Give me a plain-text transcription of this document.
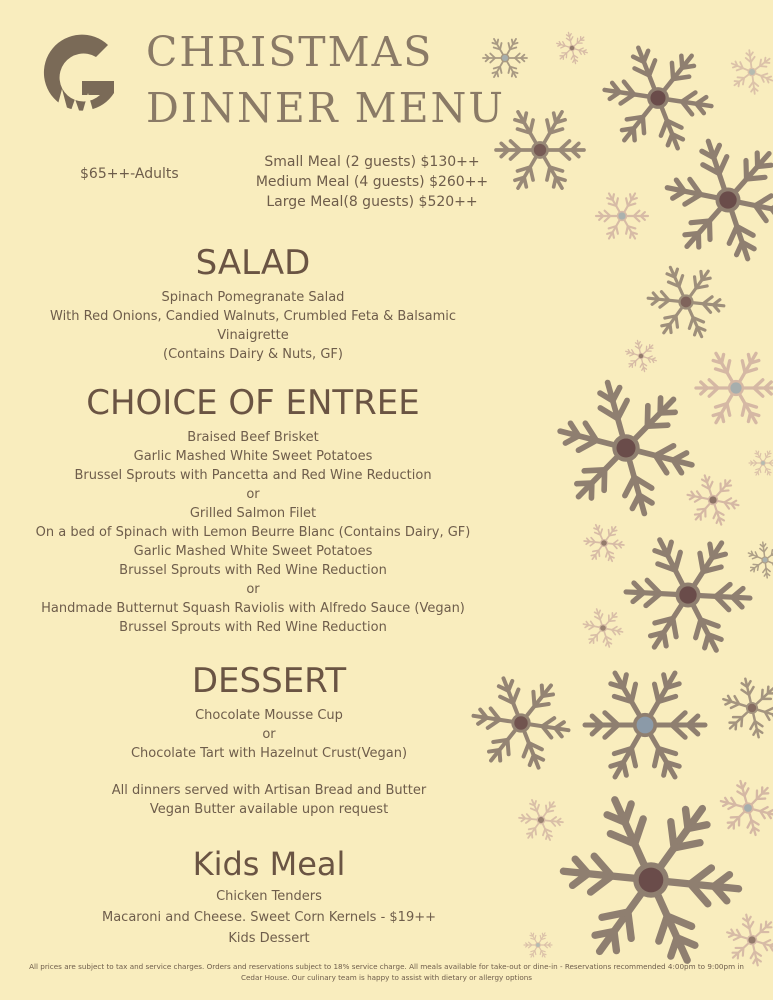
CHRISTMAS
DINNER MENU
$65++-Adults
Small Meal (2 guests) $130++
Medium Meal (4 guests) $260++
Large Meal(8 guests) $520++
SALAD
Spinach Pomegranate Salad
With Red Onions, Candied Walnuts, Crumbled Feta & Balsamic
Vinaigrette
(Contains Dairy & Nuts, GF)
CHOICE OF ENTREE
Braised Beef Brisket
Garlic Mashed White Sweet Potatoes
Brussel Sprouts with Pancetta and Red Wine Reduction
or
Grilled Salmon Filet
On a bed of Spinach with Lemon Beurre Blanc (Contains Dairy, GF)
Garlic Mashed White Sweet Potatoes
Brussel Sprouts with Red Wine Reduction
or
Handmade Butternut Squash Raviolis with Alfredo Sauce (Vegan)
Brussel Sprouts with Red Wine Reduction
DESSERT
Chocolate Mousse Cup
or
Chocolate Tart with Hazelnut Crust(Vegan)
All dinners served with Artisan Bread and Butter
Vegan Butter available upon request
Kids Meal
Chicken Tenders
Macaroni and Cheese. Sweet Corn Kernels - $19++
Kids Dessert
All prices are subject to tax and service charges. Orders and reservations subject to 18% service charge. All meals available for take-out or dine-in - Reservations recommended 4:00pm to 9:00pm in Cedar House. Our culinary team is happy to assist with dietary or allergy options
